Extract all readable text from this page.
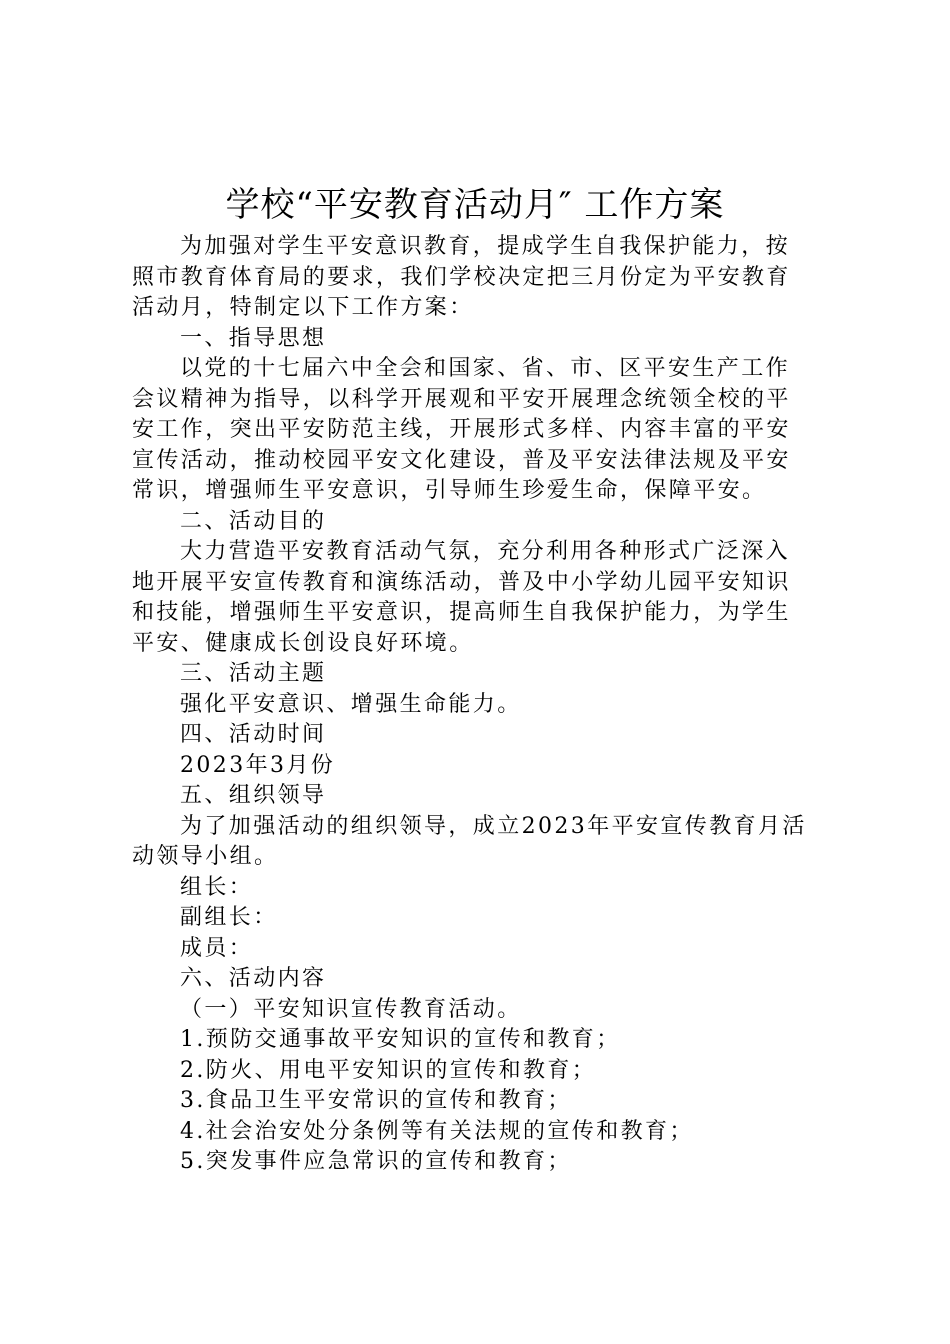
学校“平安教育活动月″ 工作方案

为加强对学生平安意识教育，提成学生自我保护能力，按

照市教育体育局的要求，我们学校决定把三月份定为平安教育

活动月，特制定以下工作方案：

一、指导思想

以党的十七届六中全会和国家、省、市、区平安生产工作

会议精神为指导，以科学开展观和平安开展理念统领全校的平

安工作，突出平安防范主线，开展形式多样、内容丰富的平安

宣传活动，推动校园平安文化建设，普及平安法律法规及平安

常识，增强师生平安意识，引导师生珍爱生命，保障平安。

二、活动目的

大力营造平安教育活动气氛，充分利用各种形式广泛深入

地开展平安宣传教育和演练活动，普及中小学幼儿园平安知识

和技能，增强师生平安意识，提高师生自我保护能力，为学生

平安、健康成长创设良好环境。

三、活动主题

强化平安意识、增强生命能力。

四、活动时间

2023年3月份

五、组织领导

为了加强活动的组织领导，成立2023年平安宣传教育月活

动领导小组。

组长：

副组长：

成员：

六、活动内容

（一）平安知识宣传教育活动。

1.预防交通事故平安知识的宣传和教育；

2.防火、用电平安知识的宣传和教育；

3.食品卫生平安常识的宣传和教育；

4.社会治安处分条例等有关法规的宣传和教育；

5.突发事件应急常识的宣传和教育；
